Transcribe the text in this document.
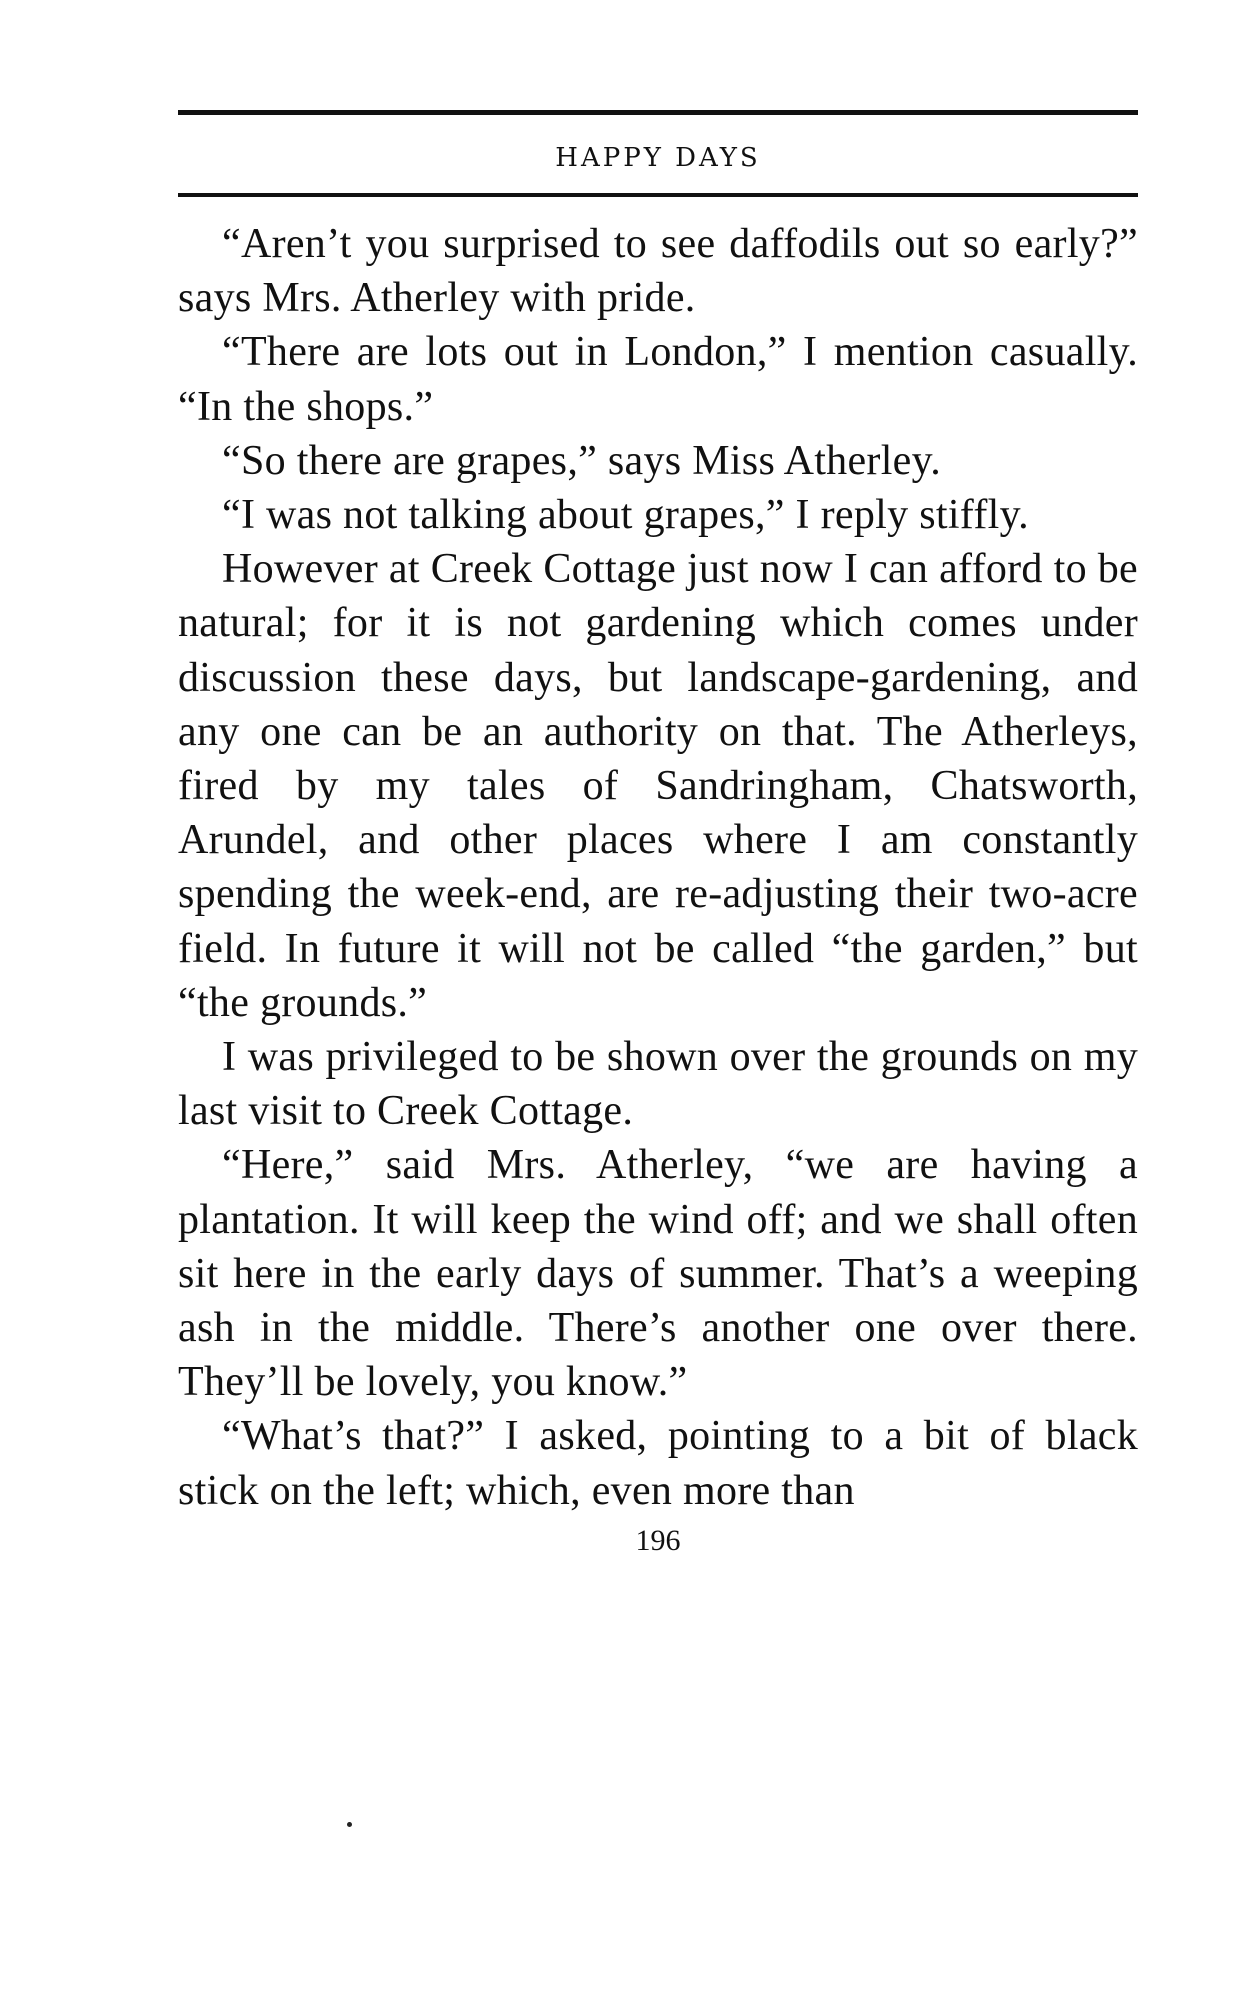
HAPPY DAYS

“Aren’t you surprised to see daffodils out so early?” says Mrs. Atherley with pride.

“There are lots out in London,” I mention casually. “In the shops.”

“So there are grapes,” says Miss Atherley.

“I was not talking about grapes,” I reply stiffly.

However at Creek Cottage just now I can afford to be natural; for it is not gardening which comes under discussion these days, but landscape-gardening, and any one can be an authority on that. The Atherleys, fired by my tales of Sandringham, Chatsworth, Arundel, and other places where I am constantly spending the week-end, are re-adjusting their two-acre field. In future it will not be called “the garden,” but “the grounds.”

I was privileged to be shown over the grounds on my last visit to Creek Cottage.

“Here,” said Mrs. Atherley, “we are having a plantation. It will keep the wind off; and we shall often sit here in the early days of summer. That’s a weeping ash in the middle. There’s another one over there. They’ll be lovely, you know.”

“What’s that?” I asked, pointing to a bit of black stick on the left; which, even more than

196
